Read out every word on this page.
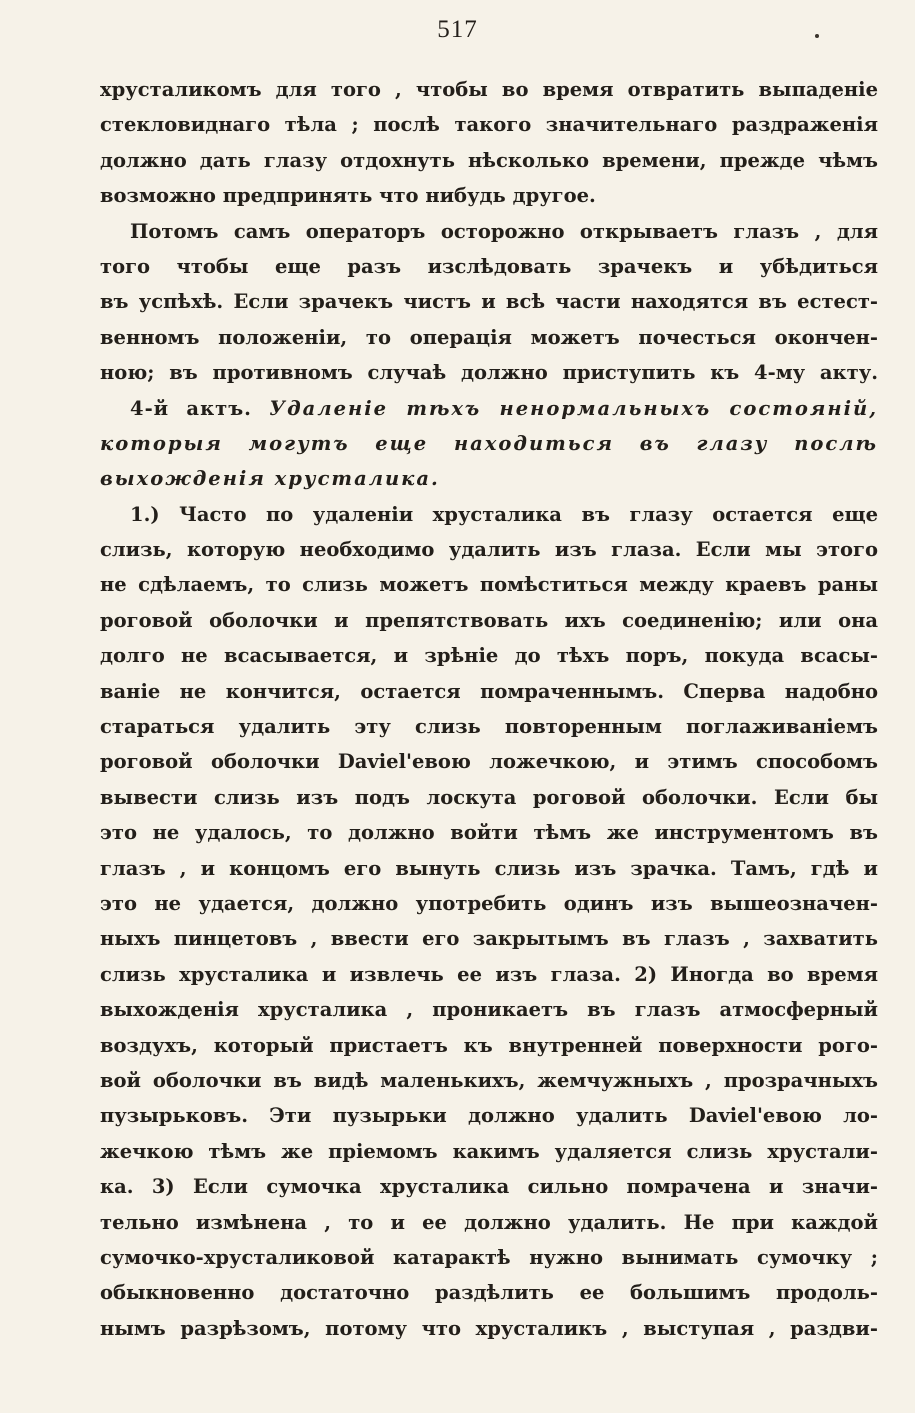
517
хрусталикомъ для того , чтобы во время отвратить выпаденіе
стекловиднаго тѣла ; послѣ такого значительнаго раздраженія
должно дать глазу отдохнуть нѣсколько времени, прежде чѣмъ
возможно предпринять что нибудь другое.
Потомъ самъ операторъ осторожно открываетъ глазъ , для
того чтобы еще разъ изслѣдовать зрачекъ и убѣдиться
въ успѣхѣ. Если зрачекъ чистъ и всѣ части находятся въ естест-
венномъ положеніи, то операція можетъ почесться окончен-
ною; въ противномъ случаѣ должно приступить къ 4-му акту.
4-й актъ. Удаленіе тѣхъ ненормальныхъ состояній,
которыя могутъ еще находиться въ глазу послѣ
выхожденія хрусталика.
1.) Часто по удаленіи хрусталика въ глазу остается еще
слизь, которую необходимо удалить изъ глаза. Если мы этого
не сдѣлаемъ, то слизь можетъ помѣститься между краевъ раны
роговой оболочки и препятствовать ихъ соединенію; или она
долго не всасывается, и зрѣніе до тѣхъ поръ, покуда всасы-
ваніе не кончится, остается помраченнымъ. Сперва надобно
стараться удалить эту слизь повторенным поглаживаніемъ
роговой оболочки Daviel'евою ложечкою, и этимъ способомъ
вывести слизь изъ подъ лоскута роговой оболочки. Если бы
это не удалось, то должно войти тѣмъ же инструментомъ въ
глазъ , и концомъ его вынуть слизь изъ зрачка. Тамъ, гдѣ и
это не удается, должно употребить одинъ изъ вышеозначен-
ныхъ пинцетовъ , ввести его закрытымъ въ глазъ , захватить
слизь хрусталика и извлечь ее изъ глаза. 2) Иногда во время
выхожденія хрусталика , проникаетъ въ глазъ атмосферный
воздухъ, который пристаетъ къ внутренней поверхности рого-
вой оболочки въ видѣ маленькихъ, жемчужныхъ , прозрачныхъ
пузырьковъ. Эти пузырьки должно удалить Daviel'евою ло-
жечкою тѣмъ же пріемомъ какимъ удаляется слизь хрустали-
ка. 3) Если сумочка хрусталика сильно помрачена и значи-
тельно измѣнена , то и ее должно удалить. Не при каждой
сумочко-хрусталиковой катарактѣ нужно вынимать сумочку ;
обыкновенно достаточно раздѣлить ее большимъ продоль-
нымъ разрѣзомъ, потому что хрусталикъ , выступая , раздви-
